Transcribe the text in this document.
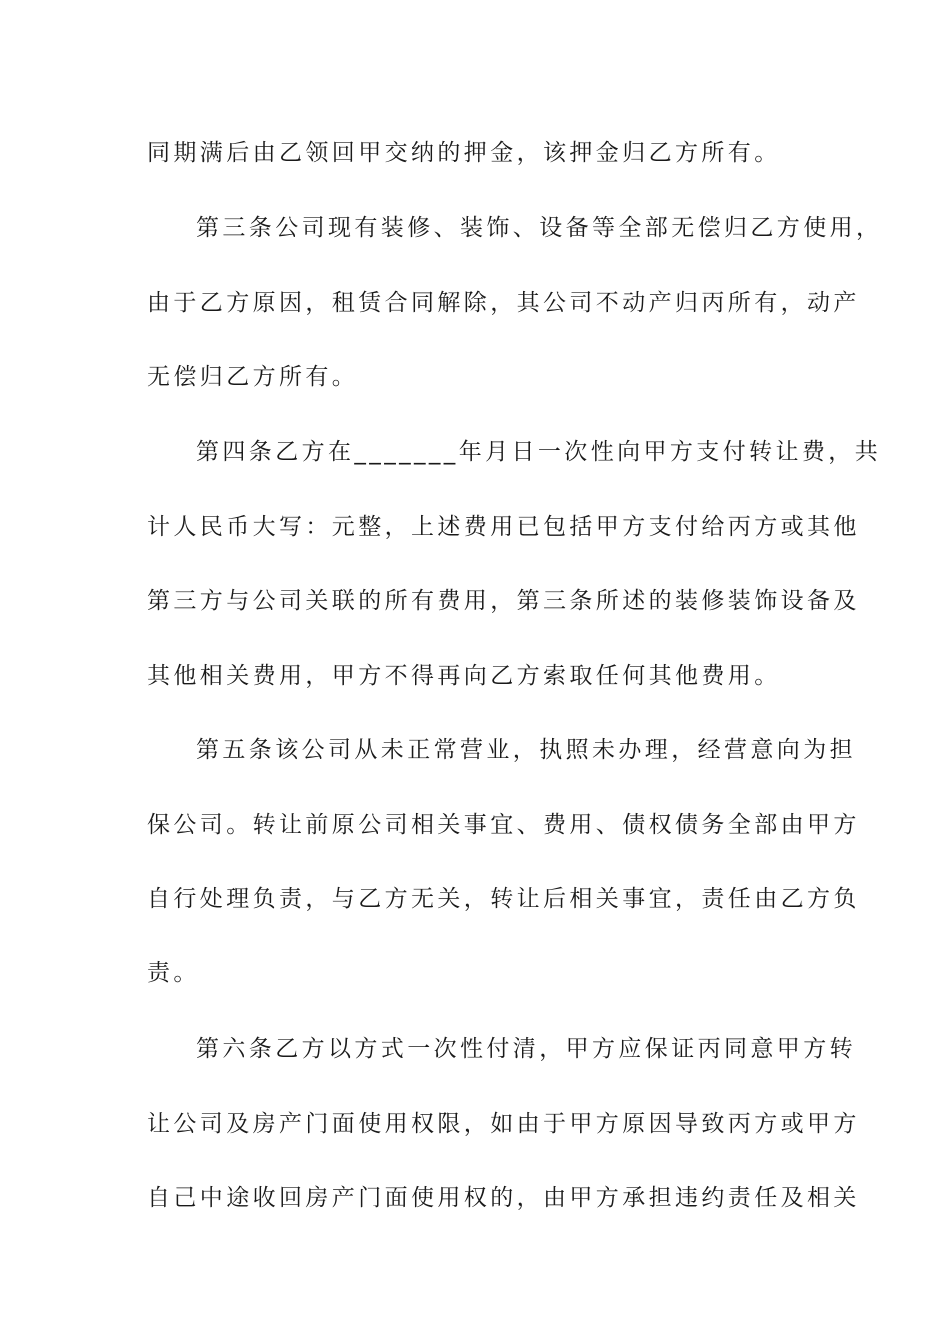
同期满后由乙领回甲交纳的押金，该押金归乙方所有。
第三条公司现有装修、装饰、设备等全部无偿归乙方使用，
由于乙方原因，租赁合同解除，其公司不动产归丙所有，动产
无偿归乙方所有。
第四条乙方在_______年月日一次性向甲方支付转让费，共
计人民币大写：元整，上述费用已包括甲方支付给丙方或其他
第三方与公司关联的所有费用，第三条所述的装修装饰设备及
其他相关费用，甲方不得再向乙方索取任何其他费用。
第五条该公司从未正常营业，执照未办理，经营意向为担
保公司。转让前原公司相关事宜、费用、债权债务全部由甲方
自行处理负责，与乙方无关，转让后相关事宜，责任由乙方负
责。
第六条乙方以方式一次性付清，甲方应保证丙同意甲方转
让公司及房产门面使用权限，如由于甲方原因导致丙方或甲方
自己中途收回房产门面使用权的，由甲方承担违约责任及相关
